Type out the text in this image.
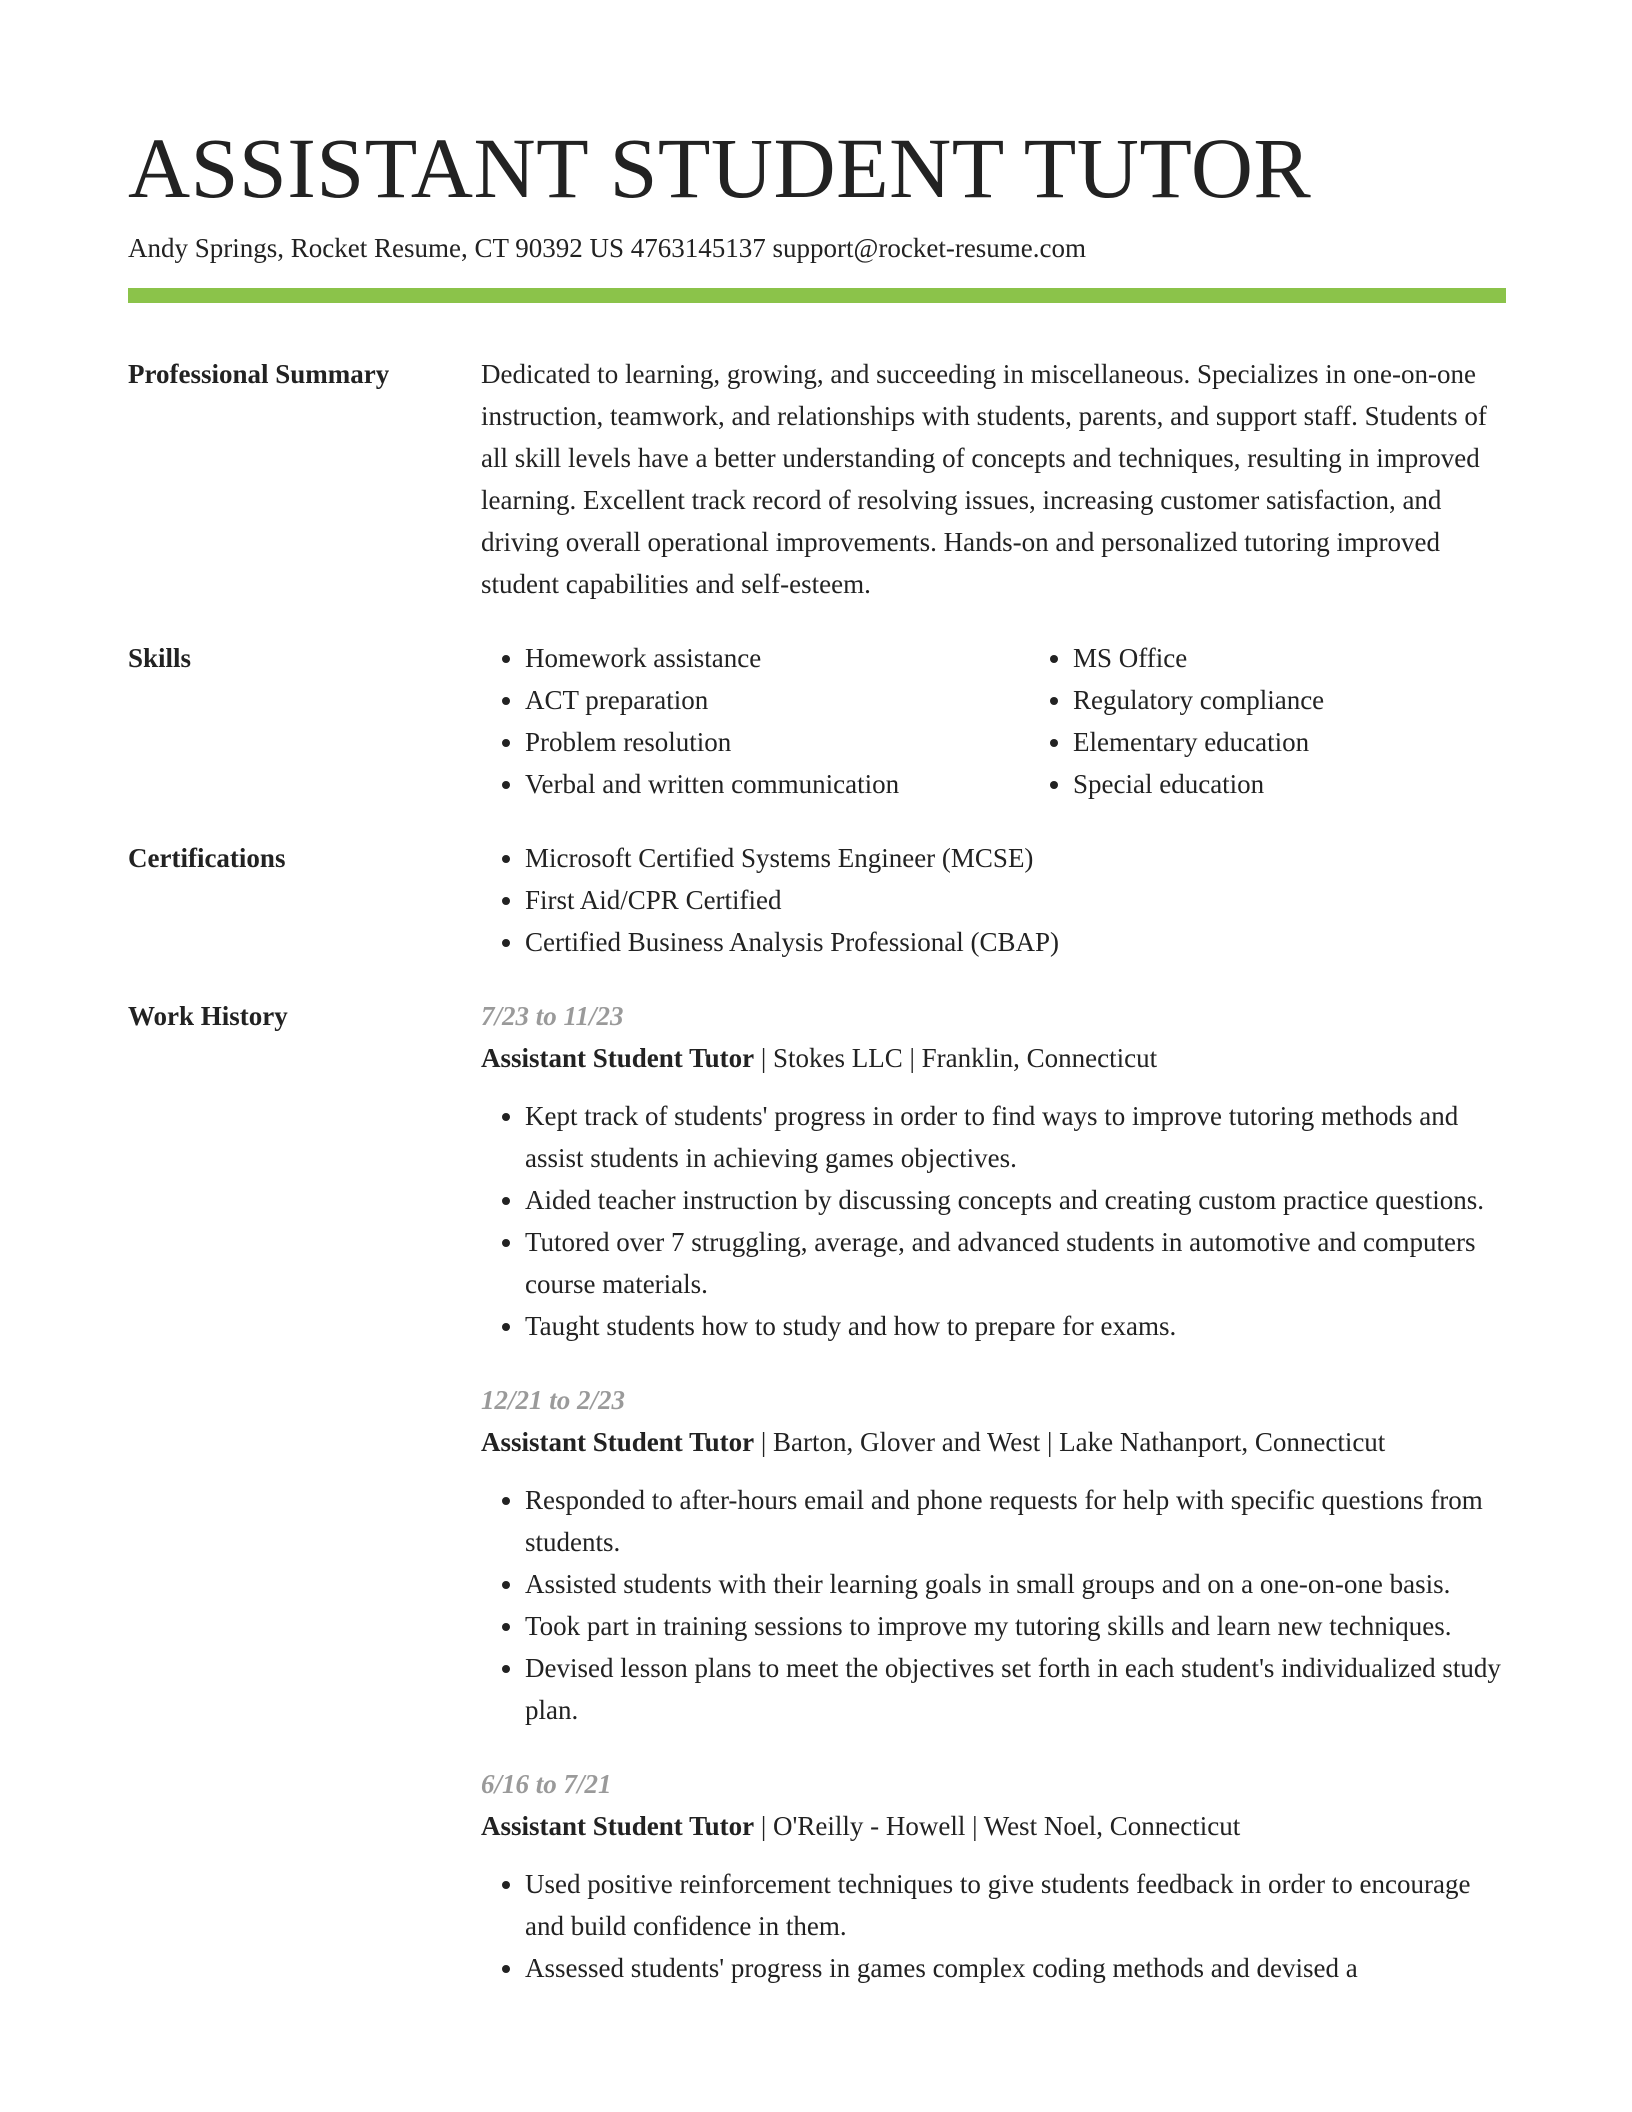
ASSISTANT STUDENT TUTOR
Andy Springs, Rocket Resume, CT 90392 US 4763145137 support@rocket-resume.com
Professional Summary	Dedicated to learning, growing, and succeeding in miscellaneous. Specializes in one-on-one instruction, teamwork, and relationships with students, parents, and support staff. Students of all skill levels have a better understanding of concepts and techniques, resulting in improved learning. Excellent track record of resolving issues, increasing customer satisfaction, and driving overall operational improvements. Hands-on and personalized tutoring improved student capabilities and self-esteem.

Skills	• Homework assistance
• ACT preparation
• Problem resolution
• Verbal and written communication
• MS Office
• Regulatory compliance
• Elementary education
• Special education
Certifications	• Microsoft Certified Systems Engineer (MCSE)
• First Aid/CPR Certified
• Certified Business Analysis Professional (CBAP)
Work History	7/23 to 11/23
Assistant Student Tutor | Stokes LLC | Franklin, Connecticut
• Kept track of students' progress in order to find ways to improve tutoring methods and assist students in achieving games objectives.
• Aided teacher instruction by discussing concepts and creating custom practice questions.
• Tutored over 7 struggling, average, and advanced students in automotive and computers course materials.
• Taught students how to study and how to prepare for exams.
12/21 to 2/23
Assistant Student Tutor | Barton, Glover and West | Lake Nathanport, Connecticut
• Responded to after-hours email and phone requests for help with specific questions from students.
• Assisted students with their learning goals in small groups and on a one-on-one basis.
• Took part in training sessions to improve my tutoring skills and learn new techniques.
• Devised lesson plans to meet the objectives set forth in each student's individualized study plan.
6/16 to 7/21
Assistant Student Tutor | O'Reilly - Howell | West Noel, Connecticut
• Used positive reinforcement techniques to give students feedback in order to encourage and build confidence in them.
• Assessed students' progress in games complex coding methods and devised a
